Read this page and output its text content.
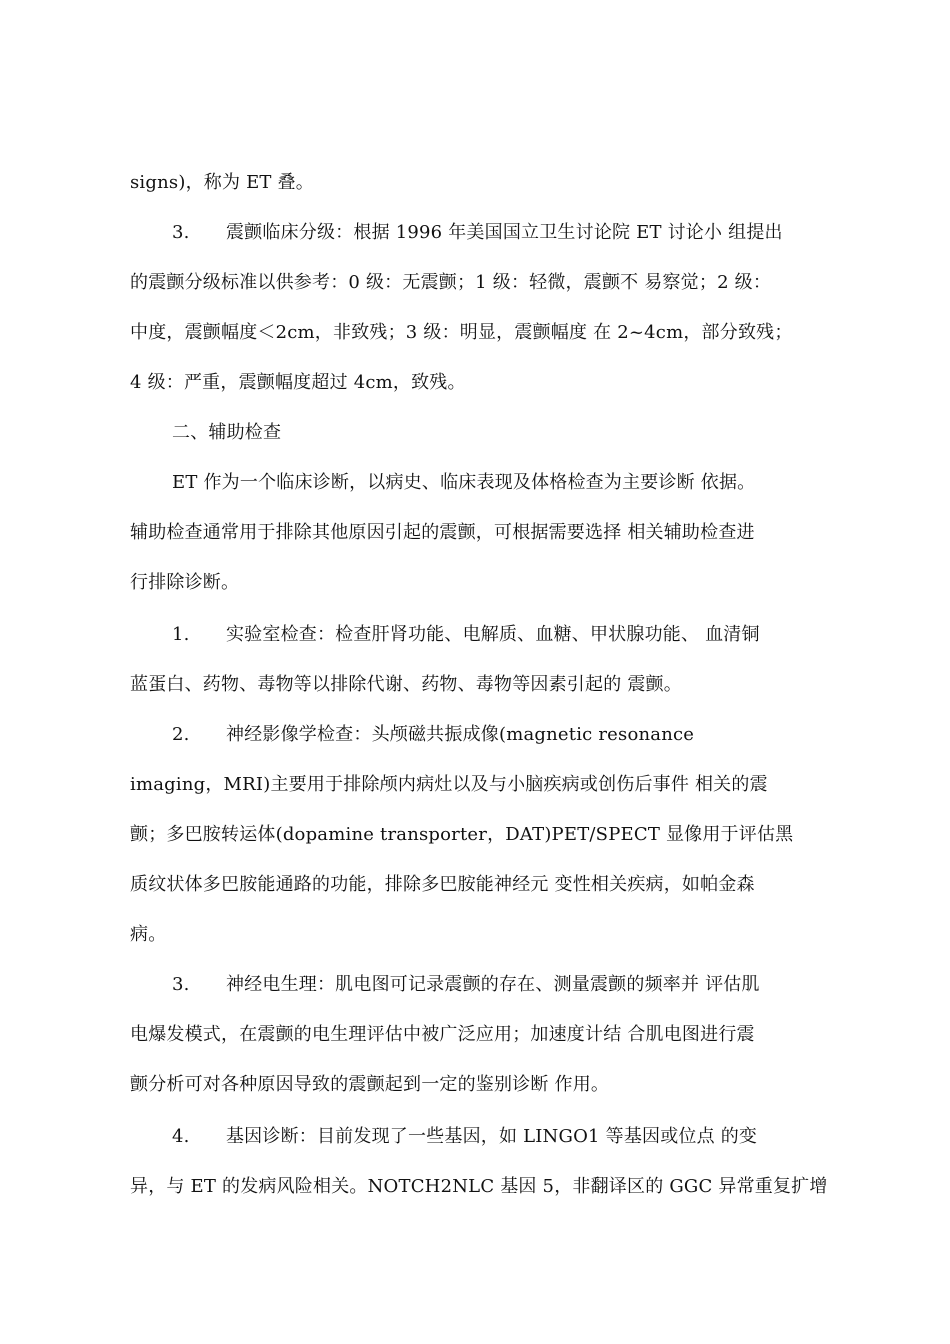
signs)，称为 ET 叠。
3.　　震颤临床分级：根据 1996 年美国国立卫生讨论院 ET 讨论小 组提出
的震颤分级标准以供参考：0 级：无震颤；1 级：轻微，震颤不 易察觉；2 级：
中度，震颤幅度＜2cm，非致残；3 级：明显，震颤幅度 在 2~4cm，部分致残；
4 级：严重，震颤幅度超过 4cm，致残。
二、辅助检查
ET 作为一个临床诊断，以病史、临床表现及体格检查为主要诊断 依据。
辅助检查通常用于排除其他原因引起的震颤，可根据需要选择 相关辅助检查进
行排除诊断。
1.　　实验室检查：检查肝肾功能、电解质、血糖、甲状腺功能、 血清铜
蓝蛋白、药物、毒物等以排除代谢、药物、毒物等因素引起的 震颤。
2.　　神经影像学检查：头颅磁共振成像(magnetic resonance
imaging，MRI)主要用于排除颅内病灶以及与小脑疾病或创伤后事件 相关的震
颤；多巴胺转运体(dopamine transporter，DAT)PET/SPECT 显像用于评估黑
质纹状体多巴胺能通路的功能，排除多巴胺能神经元 变性相关疾病，如帕金森
病。
3.　　神经电生理：肌电图可记录震颤的存在、测量震颤的频率并 评估肌
电爆发模式，在震颤的电生理评估中被广泛应用；加速度计结 合肌电图进行震
颤分析可对各种原因导致的震颤起到一定的鉴别诊断 作用。
4.　　基因诊断：目前发现了一些基因，如 LINGO1 等基因或位点 的变
异，与 ET 的发病风险相关。NOTCH2NLC 基因 5，非翻译区的 GGC 异常重复扩增
